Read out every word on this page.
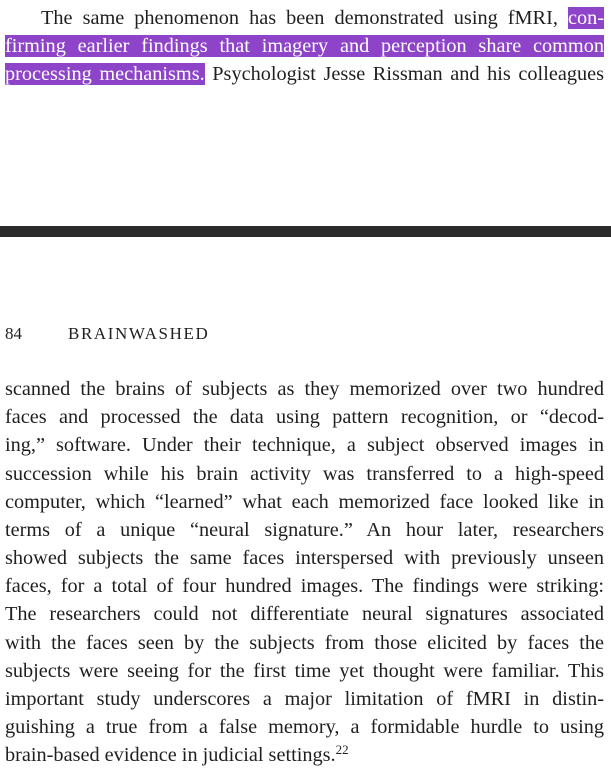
The same phenomenon has been demonstrated using fMRI, con-
firming earlier findings that imagery and perception share common
processing mechanisms. Psychologist Jesse Rissman and his colleagues
84	BRAINWASHED
scanned the brains of subjects as they memorized over two hundred
faces and processed the data using pattern recognition, or “decod-
ing,” software. Under their technique, a subject observed images in
succession while his brain activity was transferred to a high-speed
computer, which “learned” what each memorized face looked like in
terms of a unique “neural signature.” An hour later, researchers
showed subjects the same faces interspersed with previously unseen
faces, for a total of four hundred images. The findings were striking:
The researchers could not differentiate neural signatures associated
with the faces seen by the subjects from those elicited by faces the
subjects were seeing for the first time yet thought were familiar. This
important study underscores a major limitation of fMRI in distin-
guishing a true from a false memory, a formidable hurdle to using
brain-based evidence in judicial settings.$^{22}$
